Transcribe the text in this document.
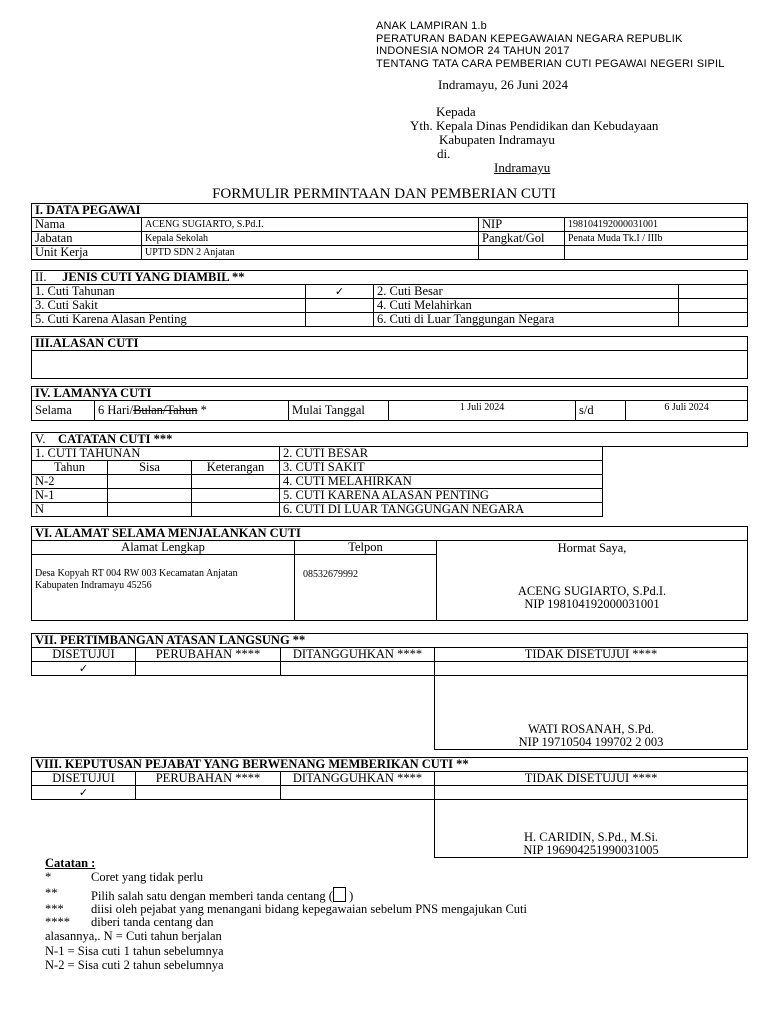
ANAK LAMPIRAN 1.b
PERATURAN BADAN KEPEGAWAIAN NEGARA REPUBLIK
INDONESIA NOMOR 24 TAHUN 2017
TENTANG TATA CARA PEMBERIAN CUTI PEGAWAI NEGERI SIPIL
Indramayu, 26 Juni 2024
Kepada
Yth. Kepala Dinas Pendidikan dan Kebudayaan
Kabupaten Indramayu
di.
Indramayu
FORMULIR PERMINTAAN DAN PEMBERIAN CUTI
I. DATA PEGAWAI			
Nama	ACENG SUGIARTO, S.Pd.I.	NIP	198104192000031001
Jabatan	Kepala Sekolah	Pangkat/Gol	Penata Muda Tk.I / IIIb
Unit Kerja	UPTD SDN 2 Anjatan		
II. JENIS CUTI YANG DIAMBIL **			
1. Cuti Tahunan	✓	2. Cuti Besar	
3. Cuti Sakit		4. Cuti Melahirkan	
5. Cuti Karena Alasan Penting		6. Cuti di Luar Tanggungan Negara	
III.ALASAN CUTI

IV. LAMANYA CUTI
Selama	6 Hari/Bulan/Tahun *	Mulai Tanggal	1 Juli 2024	s/d	6 Juli 2024
V. CATATAN CUTI ***				
1. CUTI TAHUNAN			2. CUTI BESAR	
Tahun	Sisa	Keterangan	3. CUTI SAKIT	
N-2			4. CUTI MELAHIRKAN	
N-1			5. CUTI KARENA ALASAN PENTING	
N			6. CUTI DI LUAR TANGGUNGAN NEGARA	
VI. ALAMAT SELAMA MENJALANKAN CUTI		
Alamat Lengkap	Telpon	Hormat Saya,
ACENG SUGIARTO, S.Pd.I.
NIP 198104192000031001

Desa Kopyah RT 004 RW 003 Kecamatan Anjatan
Kabupaten Indramayu 45256	08532679992	
VII. PERTIMBANGAN ATASAN LANGSUNG **			
DISETUJUI	PERUBAHAN ****	DITANGGUHKAN ****	TIDAK DISETUJUI ****
✓			

			WATI ROSANAH, S.Pd.
NIP 19710504 199702 2 003
VIII. KEPUTUSAN PEJABAT YANG BERWENANG MEMBERIKAN CUTI **			
DISETUJUI	PERUBAHAN ****	DITANGGUHKAN ****	TIDAK DISETUJUI ****
✓			

			H. CARIDIN, S.Pd., M.Si.
NIP 196904251990031005
Catatan :
*	Coret yang tidak perlu
**	Pilih salah satu dengan memberi tanda centang ( )
*** diisi oleh pejabat yang menangani bidang kepegawaian sebelum PNS mengajukan Cuti
**** diberi tanda centang dan
alasannya,. N = Cuti tahun berjalan
N-1 = Sisa cuti 1 tahun sebelumnya
N-2 = Sisa cuti 2 tahun sebelumnya
